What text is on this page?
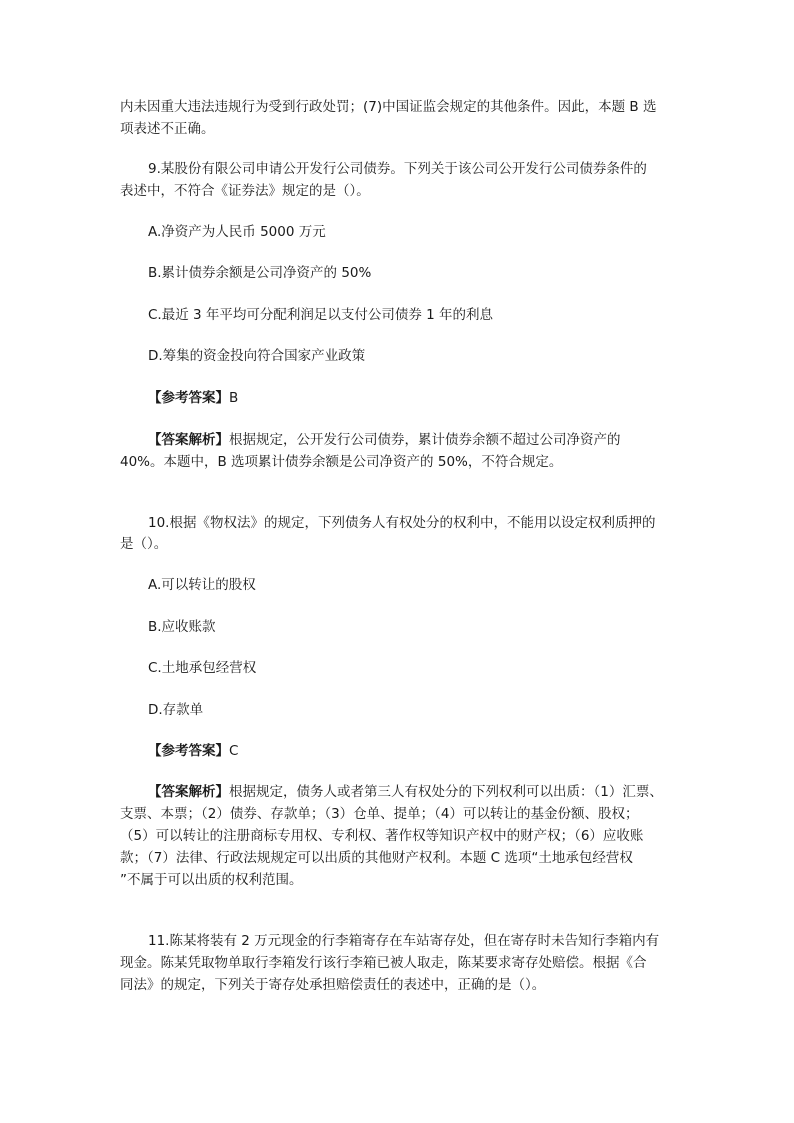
内未因重大违法违规行为受到行政处罚；(7)中国证监会规定的其他条件。因此，本题 B 选
项表述不正确。
9.某股份有限公司申请公开发行公司债券。下列关于该公司公开发行公司债券条件的
表述中，不符合《证券法》规定的是（）。
A.净资产为人民币 5000 万元
B.累计债券余额是公司净资产的 50%
C.最近 3 年平均可分配利润足以支付公司债券 1 年的利息
D.筹集的资金投向符合国家产业政策
【参考答案】B
【答案解析】根据规定，公开发行公司债券，累计债券余额不超过公司净资产的
40%。本题中，B 选项累计债券余额是公司净资产的 50%，不符合规定。
10.根据《物权法》的规定，下列债务人有权处分的权利中，不能用以设定权利质押的
是（）。
A.可以转让的股权
B.应收账款
C.土地承包经营权
D.存款单
【参考答案】C
【答案解析】根据规定，债务人或者第三人有权处分的下列权利可以出质：（1）汇票、
支票、本票；（2）债券、存款单；（3）仓单、提单；（4）可以转让的基金份额、股权；
（5）可以转让的注册商标专用权、专利权、著作权等知识产权中的财产权；（6）应收账
款；（7）法律、行政法规规定可以出质的其他财产权利。本题 C 选项“土地承包经营权
”不属于可以出质的权利范围。
11.陈某将装有 2 万元现金的行李箱寄存在车站寄存处，但在寄存时未告知行李箱内有
现金。陈某凭取物单取行李箱发行该行李箱已被人取走，陈某要求寄存处赔偿。根据《合
同法》的规定，下列关于寄存处承担赔偿责任的表述中，正确的是（）。
